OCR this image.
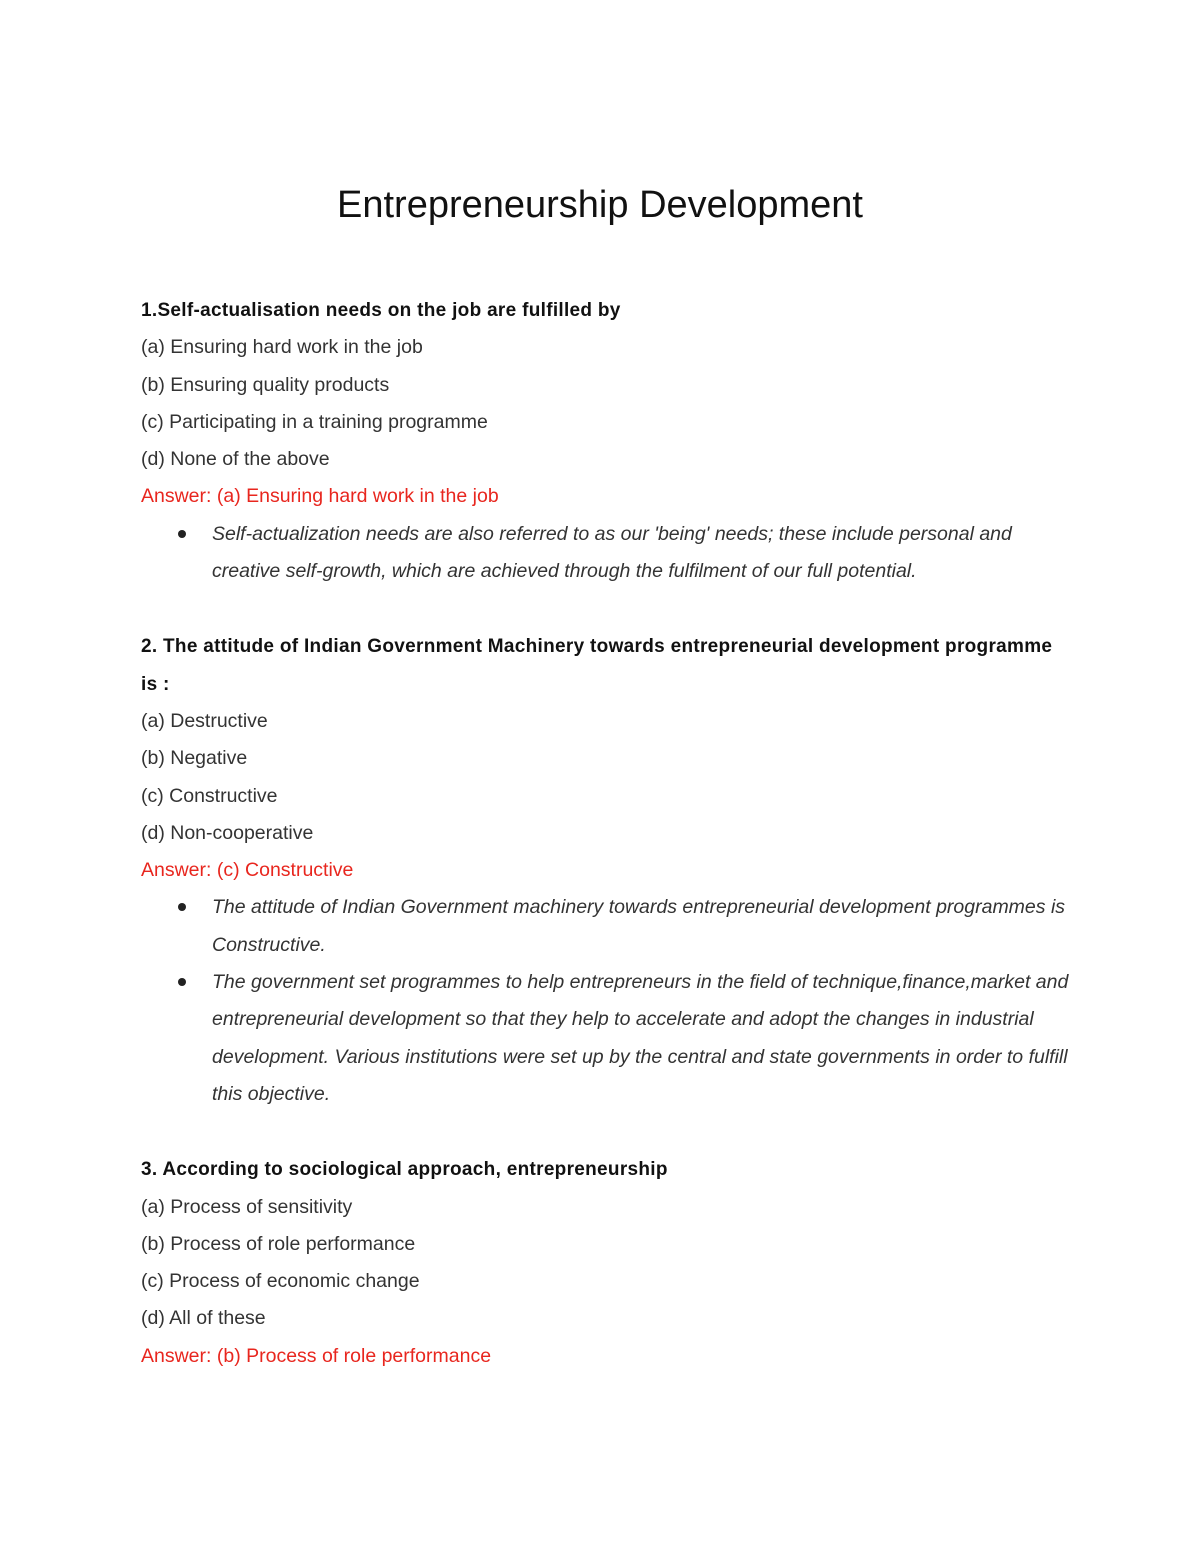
Entrepreneurship Development

1.Self-actualisation needs on the job are fulfilled by

(a) Ensuring hard work in the job

(b) Ensuring quality products

(c) Participating in a training programme

(d) None of the above

Answer: (a) Ensuring hard work in the job

Self-actualization needs are also referred to as our 'being' needs; these include personal and creative self-growth, which are achieved through the fulfilment of our full potential.

2. The attitude of Indian Government Machinery towards entrepreneurial development programme is :

(a) Destructive

(b) Negative

(c) Constructive

(d) Non-cooperative

Answer: (c) Constructive

The attitude of Indian Government machinery towards entrepreneurial development programmes is Constructive.
The government set programmes to help entrepreneurs in the field of technique,finance,market and entrepreneurial development so that they help to accelerate and adopt the changes in industrial development. Various institutions were set up by the central and state governments in order to fulfill this objective.

3. According to sociological approach, entrepreneurship

(a) Process of sensitivity

(b) Process of role performance

(c) Process of economic change

(d) All of these

Answer: (b) Process of role performance
